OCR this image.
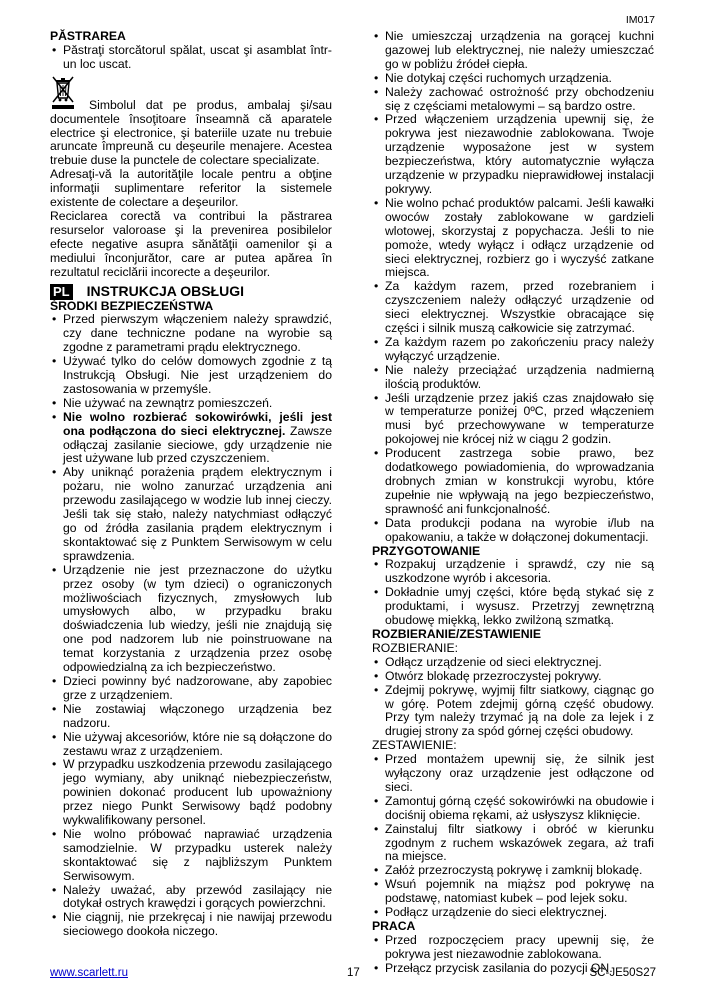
IM017

PĂSTRAREA

• Păstraţi storcătorul spălat, uscat şi asamblat într-un loc uscat.

Simbolul dat pe produs, ambalaj şi/sau documentele însoţitoare înseamnă că aparatele electrice şi electronice, şi bateriile uzate nu trebuie aruncate împreună cu deşeurile menajere. Acestea trebuie duse la punctele de colectare specializate.

Adresaţi-vă la autorităţile locale pentru a obţine informaţii suplimentare referitor la sistemele existente de colectare a deşeurilor.

Reciclarea corectă va contribui la păstrarea resurselor valoroase şi la prevenirea posibilelor efecte negative asupra sănătăţii oamenilor şi a mediului înconjurător, care ar putea apărea în rezultatul reciclării incorecte a deşeurilor.

PL INSTRUKCJA OBSŁUGI

ŚRODKI BEZPIECZEŃSTWA

• Przed pierwszym włączeniem należy sprawdzić, czy dane techniczne podane na wyrobie są zgodne z parametrami prądu elektrycznego.
• Używać tylko do celów domowych zgodnie z tą Instrukcją Obsługi. Nie jest urządzeniem do zastosowania w przemyśle.
• Nie używać na zewnątrz pomieszczeń.
• Nie wolno rozbierać sokowirówki, jeśli jest ona podłączona do sieci elektrycznej. Zawsze odłączaj zasilanie sieciowe, gdy urządzenie nie jest używane lub przed czyszczeniem.
• Aby uniknąć porażenia prądem elektrycznym i pożaru, nie wolno zanurzać urządzenia ani przewodu zasilającego w wodzie lub innej cieczy. Jeśli tak się stało, należy natychmiast odłączyć go od źródła zasilania prądem elektrycznym i skontaktować się z Punktem Serwisowym w celu sprawdzenia.
• Urządzenie nie jest przeznaczone do użytku przez osoby (w tym dzieci) o ograniczonych możliwościach fizycznych, zmysłowych lub umysłowych albo, w przypadku braku doświadczenia lub wiedzy, jeśli nie znajdują się one pod nadzorem lub nie poinstruowane na temat korzystania z urządzenia przez osobę odpowiedzialną za ich bezpieczeństwo.
• Dzieci powinny być nadzorowane, aby zapobiec grze z urządzeniem.
• Nie zostawiaj włączonego urządzenia bez nadzoru.
• Nie używaj akcesoriów, które nie są dołączone do zestawu wraz z urządzeniem.
• W przypadku uszkodzenia przewodu zasilającego jego wymiany, aby uniknąć niebezpieczeństw, powinien dokonać producent lub upoważniony przez niego Punkt Serwisowy bądź podobny wykwalifikowany personel.
• Nie wolno próbować naprawiać urządzenia samodzielnie. W przypadku usterek należy skontaktować się z najbliższym Punktem Serwisowym.
• Należy uważać, aby przewód zasilający nie dotykał ostrych krawędzi i gorących powierzchni.
• Nie ciągnij, nie przekręcaj i nie nawijaj przewodu sieciowego dookoła niczego.
• Nie umieszczaj urządzenia na gorącej kuchni gazowej lub elektrycznej, nie należy umieszczać go w pobliżu źródeł ciepła.
• Nie dotykaj części ruchomych urządzenia.
• Należy zachować ostrożność przy obchodzeniu się z częściami metalowymi – są bardzo ostre.
• Przed włączeniem urządzenia upewnij się, że pokrywa jest niezawodnie zablokowana. Twoje urządzenie wyposażone jest w system bezpieczeństwa, który automatycznie wyłącza urządzenie w przypadku nieprawidłowej instalacji pokrywy.
• Nie wolno pchać produktów palcami. Jeśli kawałki owoców zostały zablokowane w gardzieli wlotowej, skorzystaj z popychacza. Jeśli to nie pomoże, wtedy wyłącz i odłącz urządzenie od sieci elektrycznej, rozbierz go i wyczyść zatkane miejsca.
• Za każdym razem, przed rozebraniem i czyszczeniem należy odłączyć urządzenie od sieci elektrycznej. Wszystkie obracające się części i silnik muszą całkowicie się zatrzymać.
• Za każdym razem po zakończeniu pracy należy wyłączyć urządzenie.
• Nie należy przeciążać urządzenia nadmierną ilością produktów.
• Jeśli urządzenie przez jakiś czas znajdowało się w temperaturze poniżej 0ºC, przed włączeniem musi być przechowywane w temperaturze pokojowej nie krócej niż w ciągu 2 godzin.
• Producent zastrzega sobie prawo, bez dodatkowego powiadomienia, do wprowadzania drobnych zmian w konstrukcji wyrobu, które zupełnie nie wpływają na jego bezpieczeństwo, sprawność ani funkcjonalność.
• Data produkcji podana na wyrobie i/lub na opakowaniu, a także w dołączonej dokumentacji.

PRZYGOTOWANIE

• Rozpakuj urządzenie i sprawdź, czy nie są uszkodzone wyrób i akcesoria.
• Dokładnie umyj części, które będą stykać się z produktami, i wysusz. Przetrzyj zewnętrzną obudowę miękką, lekko zwilżoną szmatką.

ROZBIERANIE/ZESTAWIENIE

ROZBIERANIE:

• Odłącz urządzenie od sieci elektrycznej.
• Otwórz blokadę przezroczystej pokrywy.
• Zdejmij pokrywę, wyjmij filtr siatkowy, ciągnąc go w górę. Potem zdejmij górną część obudowy. Przy tym należy trzymać ją na dole za lejek i z drugiej strony za spód górnej części obudowy.

ZESTAWIENIE:

• Przed montażem upewnij się, że silnik jest wyłączony oraz urządzenie jest odłączone od sieci.
• Zamontuj górną część sokowirówki na obudowie i dociśnij obiema rękami, aż usłyszysz kliknięcie.
• Zainstaluj filtr siatkowy i obróć w kierunku zgodnym z ruchem wskazówek zegara, aż trafi na miejsce.
• Załóż przezroczystą pokrywę i zamknij blokadę.
• Wsuń pojemnik na miąższ pod pokrywę na podstawę, natomiast kubek – pod lejek soku.
• Podłącz urządzenie do sieci elektrycznej.

PRACA

• Przed rozpoczęciem pracy upewnij się, że pokrywa jest niezawodnie zablokowana.
• Przełącz przycisk zasilania do pozycji ON.
www.scarlett.ru	17	SC-JE50S27
